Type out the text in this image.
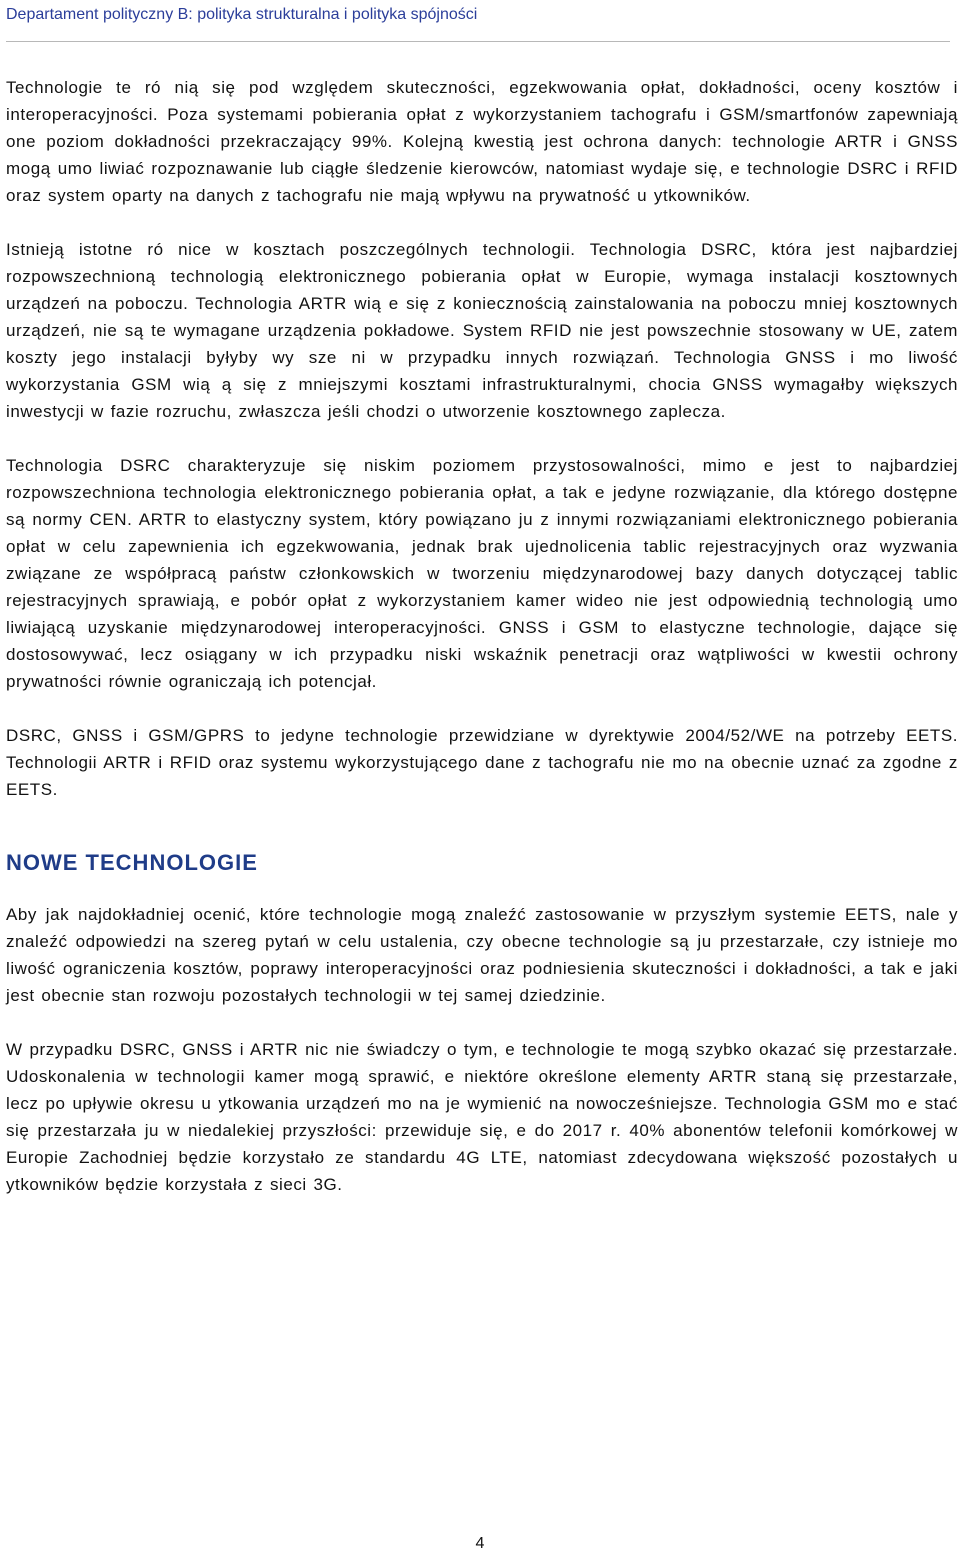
Departament polityczny B: polityka strukturalna i polityka spójności

Technologie te ró nią się pod względem skuteczności, egzekwowania opłat, dokładności, oceny kosztów i interoperacyjności. Poza systemami pobierania opłat z wykorzystaniem tachografu i GSM/smartfonów zapewniają one poziom dokładności przekraczający 99%. Kolejną kwestią jest ochrona danych: technologie ARTR i GNSS mogą umo liwiać rozpoznawanie lub ciągłe śledzenie kierowców, natomiast wydaje się, e technologie DSRC i RFID oraz system oparty na danych z tachografu nie mają wpływu na prywatność u ytkowników.

Istnieją istotne ró nice w kosztach poszczególnych technologii. Technologia DSRC, która jest najbardziej rozpowszechnioną technologią elektronicznego pobierania opłat w Europie, wymaga instalacji kosztownych urządzeń na poboczu. Technologia ARTR wią e się z koniecznością zainstalowania na poboczu mniej kosztownych urządzeń, nie są te wymagane urządzenia pokładowe. System RFID nie jest powszechnie stosowany w UE, zatem koszty jego instalacji byłyby wy sze ni w przypadku innych rozwiązań. Technologia GNSS i mo liwość wykorzystania GSM wią ą się z mniejszymi kosztami infrastrukturalnymi, chocia GNSS wymagałby większych inwestycji w fazie rozruchu, zwłaszcza jeśli chodzi o utworzenie kosztownego zaplecza.

Technologia DSRC charakteryzuje się niskim poziomem przystosowalności, mimo e jest to najbardziej rozpowszechniona technologia elektronicznego pobierania opłat, a tak e jedyne rozwiązanie, dla którego dostępne są normy CEN. ARTR to elastyczny system, który powiązano ju z innymi rozwiązaniami elektronicznego pobierania opłat w celu zapewnienia ich egzekwowania, jednak brak ujednolicenia tablic rejestracyjnych oraz wyzwania związane ze współpracą państw członkowskich w tworzeniu międzynarodowej bazy danych dotyczącej tablic rejestracyjnych sprawiają, e pobór opłat z wykorzystaniem kamer wideo nie jest odpowiednią technologią umo liwiającą uzyskanie międzynarodowej interoperacyjności. GNSS i GSM to elastyczne technologie, dające się dostosowywać, lecz osiągany w ich przypadku niski wskaźnik penetracji oraz wątpliwości w kwestii ochrony prywatności równie ograniczają ich potencjał.

DSRC, GNSS i GSM/GPRS to jedyne technologie przewidziane w dyrektywie 2004/52/WE na potrzeby EETS. Technologii ARTR i RFID oraz systemu wykorzystującego dane z tachografu nie mo na obecnie uznać za zgodne z EETS.

NOWE TECHNOLOGIE

Aby jak najdokładniej ocenić, które technologie mogą znaleźć zastosowanie w przyszłym systemie EETS, nale y znaleźć odpowiedzi na szereg pytań w celu ustalenia, czy obecne technologie są ju przestarzałe, czy istnieje mo liwość ograniczenia kosztów, poprawy interoperacyjności oraz podniesienia skuteczności i dokładności, a tak e jaki jest obecnie stan rozwoju pozostałych technologii w tej samej dziedzinie.

W przypadku DSRC, GNSS i ARTR nic nie świadczy o tym, e technologie te mogą szybko okazać się przestarzałe. Udoskonalenia w technologii kamer mogą sprawić, e niektóre określone elementy ARTR staną się przestarzałe, lecz po upływie okresu u ytkowania urządzeń mo na je wymienić na nowocześniejsze. Technologia GSM mo e stać się przestarzała ju w niedalekiej przyszłości: przewiduje się, e do 2017 r. 40% abonentów telefonii komórkowej w Europie Zachodniej będzie korzystało ze standardu 4G LTE, natomiast zdecydowana większość pozostałych u ytkowników będzie korzystała z sieci 3G.

4
